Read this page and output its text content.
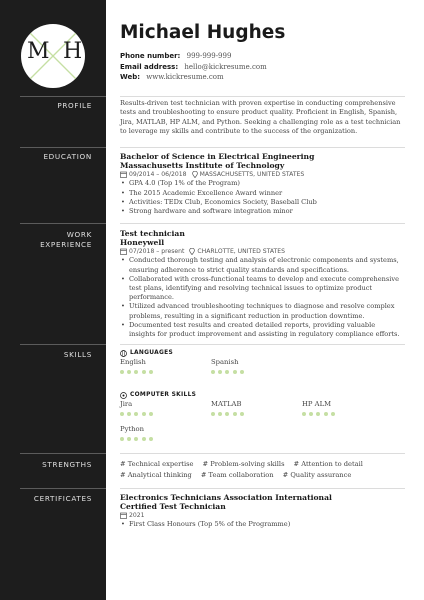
M H
Michael Hughes
Phone number: 999-999-999
Email address: hello@kickresume.com
Web: www.kickresume.com
PROFILE	Results-driven test technician with proven expertise in conducting comprehensive
tests and troubleshooting to ensure product quality. Proficient in English, Spanish,
Jira, MATLAB, HP ALM, and Python. Seeking a challenging role as a test technician
to leverage my skills and contribute to the success of the organization.
EDUCATION	Bachelor of Science in Electrical Engineering
Massachusetts Institute of Technology
09/2014 – 06/2018 MASSACHUSETTS, UNITED STATES
• GPA 4.0 (Top 1% of the Program)
• The 2015 Academic Excellence Award winner
• Activities: TEDx Club, Economics Society, Baseball Club
• Strong hardware and software integration minor
WORK
EXPERIENCE
Test technician
Honeywell
07/2018 – present CHARLOTTE, UNITED STATES
• Conducted thorough testing and analysis of electronic components and systems,
ensuring adherence to strict quality standards and specifications.
• Collaborated with cross-functional teams to develop and execute comprehensive
test plans, identifying and resolving technical issues to optimize product
performance.
• Utilized advanced troubleshooting techniques to diagnose and resolve complex
problems, resulting in a significant reduction in production downtime.
• Documented test results and created detailed reports, providing valuable
insights for product improvement and assisting in regulatory compliance efforts.
SKILLS	LANGUAGES
English	Spanish
COMPUTER SKILLS
Jira	MATLAB	HP ALM
Python
STRENGTHS	# Technical expertise # Problem-solving skills # Attention to detail
# Analytical thinking # Team collaboration # Quality assurance
CERTIFICATES	Electronics Technicians Association International
Certified Test Technician
2021
• First Class Honours (Top 5% of the Programme)
